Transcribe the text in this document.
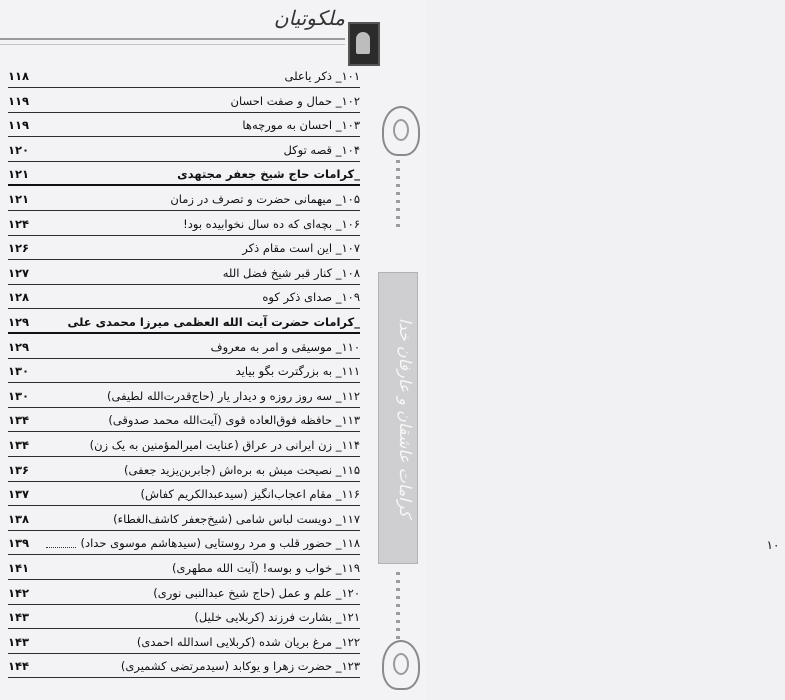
ملکوتیان
کرامات عاشقان و عارفان خدا
۱۰
۱۰۱_ ذکر یاعلی
۱۱۸
۱۰۲_ حمال و صفت احسان
۱۱۹
۱۰۳_ احسان به مورچه‌ها
۱۱۹
۱۰۴_ قصه توکل
۱۲۰
_کرامات حاج شیخ جعفر مجتهدی
۱۲۱
۱۰۵_ میهمانی حضرت و تصرف در زمان
۱۲۱
۱۰۶_ بچه‌ای که ده سال نخوابیده بود!
۱۲۴
۱۰۷_ این است مقام ذکر
۱۲۶
۱۰۸_ کنار قبر شیخ فضل الله
۱۲۷
۱۰۹_ صدای ذکر کوه
۱۲۸
_کرامات حضرت آیت الله العظمی میرزا محمدی علی
۱۲۹
۱۱۰_ موسیقی و امر به معروف
۱۲۹
۱۱۱_ به بزرگترت بگو بیاید
۱۳۰
۱۱۲_ سه روز روزه و دیدار یار (حاج‌قدرت‌الله لطیفی)
۱۳۰
۱۱۳_ حافظه فوق‌العاده قوی (آیت‌الله محمد صدوقی)
۱۳۴
۱۱۴_ زن ایرانی در عراق (عنایت امیرالمؤمنین به یک زن)
۱۳۴
۱۱۵_ نصیحت میش به بره‌اش (جابربن‌یزید جعفی)
۱۳۶
۱۱۶_ مقام اعجاب‌انگیز (سیدعبدالکریم کفاش)
۱۳۷
۱۱۷_ دویست لباس شامی (شیخ‌جعفر کاشف‌الغطاء)
۱۳۸
۱۱۸_ حضور قلب و مرد روستایی (سیدهاشم موسوی حداد)
۱۳۹
۱۱۹_ خواب و بوسه! (آیت الله مطهری)
۱۴۱
۱۲۰_ علم و عمل (حاج شیخ عبدالنبی نوری)
۱۴۲
۱۲۱_ بشارت فرزند (کربلایی خلیل)
۱۴۳
۱۲۲_ مرغ بریان شده (کربلایی اسدالله احمدی)
۱۴۳
۱۲۳_ حضرت زهرا و یوکابد (سیدمرتضی کشمیری)
۱۴۴
